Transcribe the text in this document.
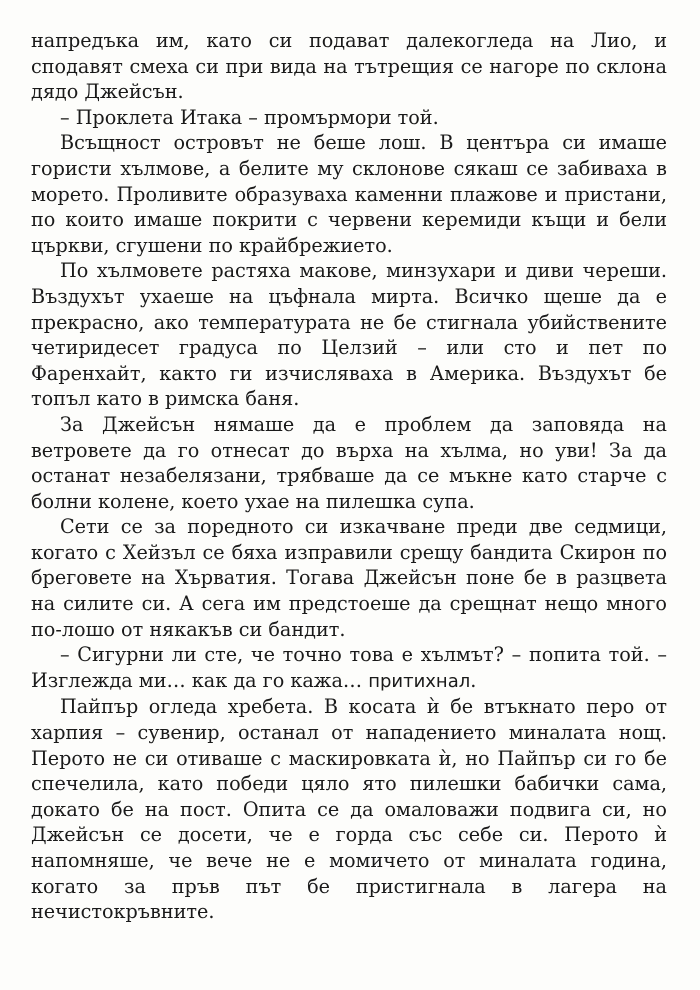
напредъка им, като си подават далекогледа на Лио, и сподавят смеха си при вида на тътрещия се нагоре по склона дядо Джейсън.

– Проклета Итака – промърмори той.

Всъщност островът не беше лош. В центъра си имаше гористи хълмове, а белите му склонове сякаш се забиваха в морето. Проливите образуваха каменни плажове и пристани, по които имаше покрити с червени керемиди къщи и бели църкви, сгушени по крайбрежието.

По хълмовете растяха макове, минзухари и диви череши. Въздухът ухаеше на цъфнала мирта. Всичко щеше да е прекрасно, ако температурата не бе стигнала убийствените четиридесет градуса по Целзий – или сто и пет по Фаренхайт, както ги изчисляваха в Америка. Въздухът бе топъл като в римска баня.

За Джейсън нямаше да е проблем да заповяда на ветровете да го отнесат до върха на хълма, но уви! За да останат незабелязани, трябваше да се мъкне като старче с болни колене, което ухае на пилешка супа.

Сети се за поредното си изкачване преди две седмици, когато с Хейзъл се бяха изправили срещу бандита Скирон по бреговете на Хърватия. Тогава Джейсън поне бе в разцвета на силите си. А сега им предстоеше да срещнат нещо много по-лошо от някакъв си бандит.

– Сигурни ли сте, че точно това е хълмът? – попита той. – Изглежда ми… как да го кажа… притихнал.

Пайпър огледа хребета. В косата ѝ бе втъкнато перо от харпия – сувенир, останал от нападението миналата нощ. Перото не си отиваше с маскировката ѝ, но Пайпър си го бе спечелила, като победи цяло ято пилешки бабички сама, докато бе на пост. Опита се да омаловажи подвига си, но Джейсън се досети, че е горда със себе си. Перото ѝ напомняше, че вече не е момичето от миналата година, когато за пръв път бе пристигнала в лагера на нечистокръвните.
